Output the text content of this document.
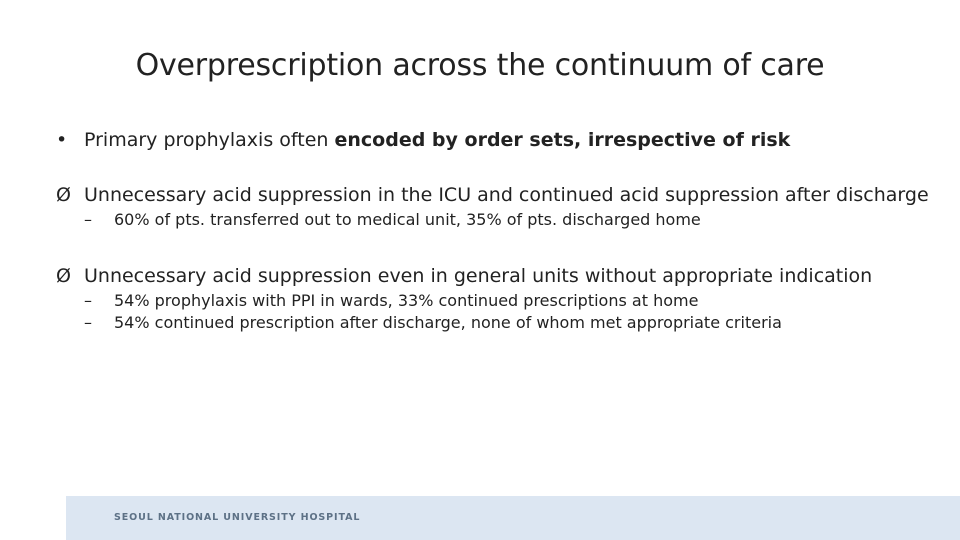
Overprescription across the continuum of care
• Primary prophylaxis often encoded by order sets, irrespective of risk
Ø Unnecessary acid suppression in the ICU and continued acid suppression after discharge
– 60% of pts. transferred out to medical unit, 35% of pts. discharged home
Ø Unnecessary acid suppression even in general units without appropriate indication
– 54% prophylaxis with PPI in wards, 33% continued prescriptions at home
– 54% continued prescription after discharge, none of whom met appropriate criteria
SEOUL NATIONAL UNIVERSITY HOSPITAL
